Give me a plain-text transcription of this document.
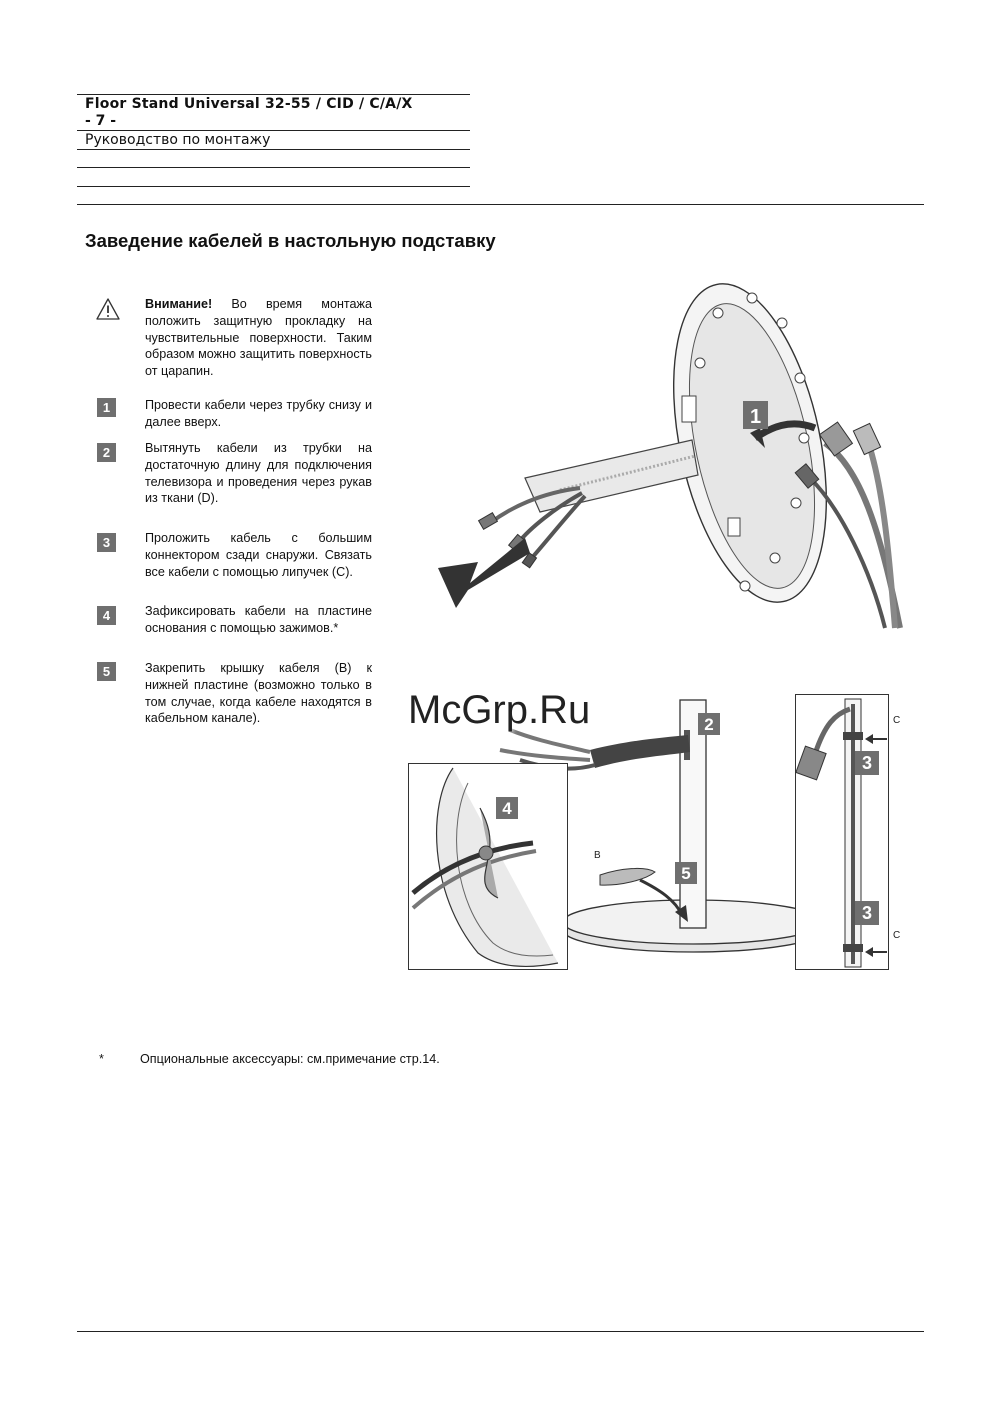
Floor Stand Universal 32-55 / CID / C/A/X
- 7 -
Руководство по монтажу
Заведение кабелей в настольную подставку
Внимание! Во время монтажа положить защитную прокладку на чувствительные поверхности. Таким образом можно защитить поверхность от царапин.
1	Провести кабели через трубку снизу и далее вверх.
2	Вытянуть кабели из трубки на достаточную длину для подключения телевизора и проведения через рукав из ткани (D).
3	Проложить кабель с большим коннектором сзади снаружи. Связать все кабели с помощью липучек (С).
4	Зафиксировать кабели на пластине основания с помощью зажимов.*
5	Закрепить крышку кабеля (В) к нижней пластине (возможно только в том случае, когда кабеле находятся в кабельном канале).
1
B
2
5
4
3
3
C
C
McGrp.Ru
*	Опциональные аксессуары: см.примечание стр.14.
